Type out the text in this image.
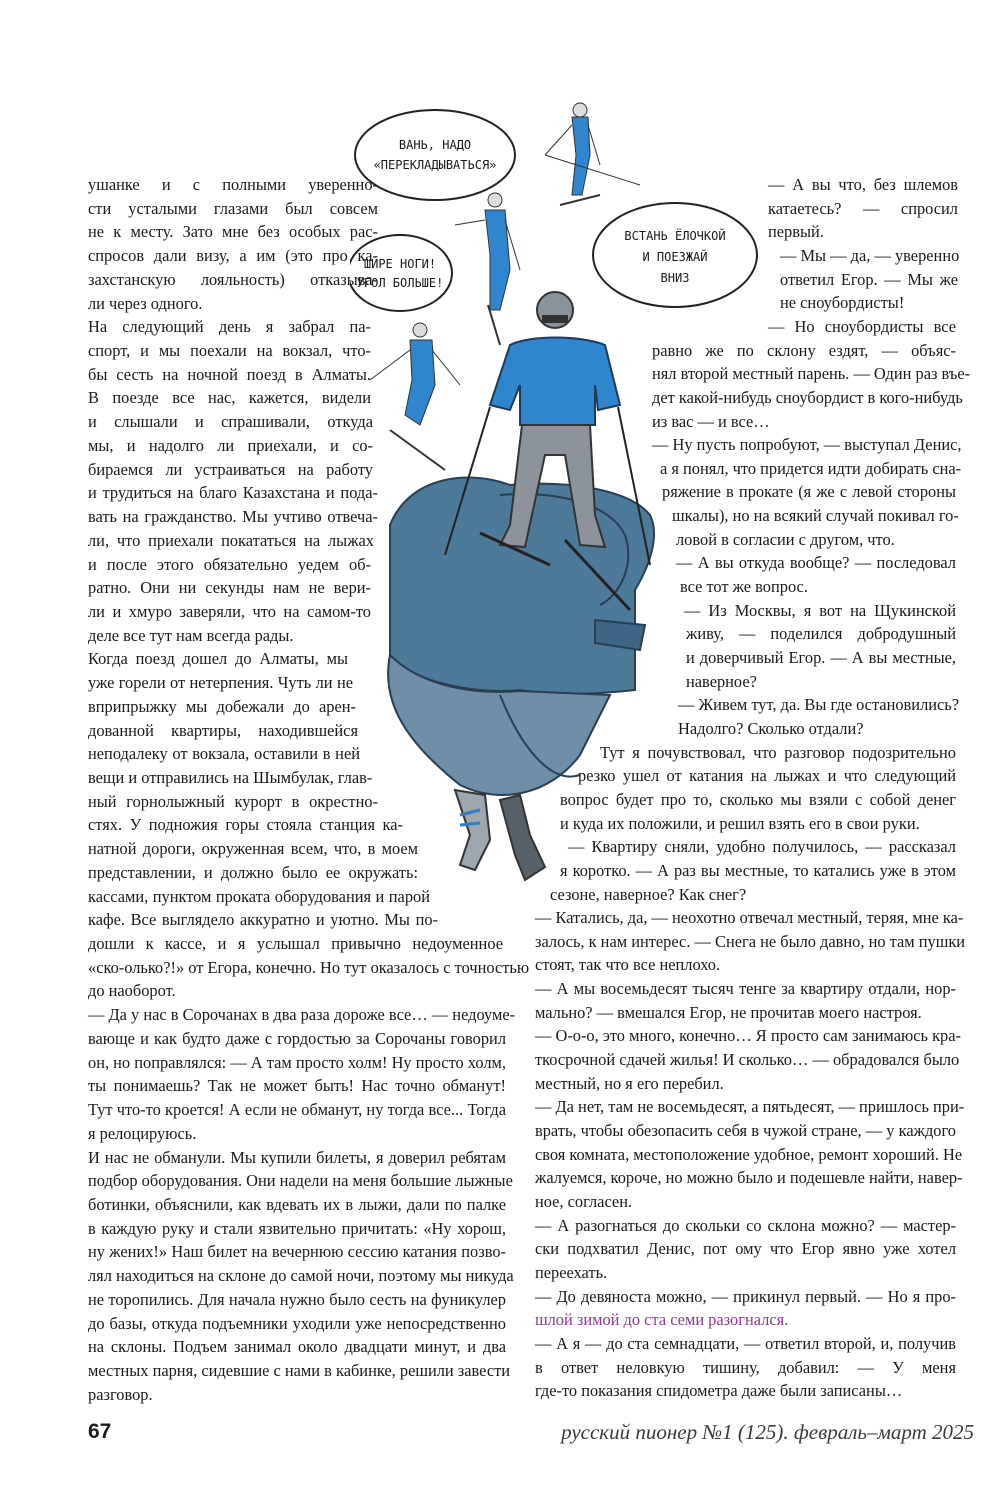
ВАНЬ, НАДО
«ПЕРЕКЛАДЫВАТЬСЯ»
ШИРЕ НОГИ!
УГОЛ БОЛЬШЕ!
ВСТАНЬ ЁЛОЧКОЙ
И ПОЕЗЖАЙ
ВНИЗ
ушанке и с полными уверенно-
сти усталыми глазами был совсем
не к месту. Зато мне без особых рас-
спросов дали визу, а им (это про ка-
захстанскую лояльность) отказыва-
ли через одного.
На следующий день я забрал па-
спорт, и мы поехали на вокзал, что-
бы сесть на ночной поезд в Алматы.
В поезде все нас, кажется, видели
и слышали и спрашивали, откуда
мы, и надолго ли приехали, и со-
бираемся ли устраиваться на работу
и трудиться на благо Казахстана и пода-
вать на гражданство. Мы учтиво отвеча-
ли, что приехали покататься на лыжах
и после этого обязательно уедем об-
ратно. Они ни секунды нам не вери-
ли и хмуро заверяли, что на самом-то
деле все тут нам всегда рады.
Когда поезд дошел до Алматы, мы
уже горели от нетерпения. Чуть ли не
вприпрыжку мы добежали до арен-
дованной квартиры, находившейся
неподалеку от вокзала, оставили в ней
вещи и отправились на Шымбулак, глав-
ный горнолыжный курорт в окрестно-
стях. У подножия горы стояла станция ка-
натной дороги, окруженная всем, что, в моем
представлении, и должно было ее окружать:
кассами, пунктом проката оборудования и парой
кафе. Все выглядело аккуратно и уютно. Мы по-
дошли к кассе, и я услышал привычно недоуменное
«ско-олько?!» от Егора, конечно. Но тут оказалось с точностью
до наоборот.
— Да у нас в Сорочанах в два раза дороже все… — недоуме-
вающе и как будто даже с гордостью за Сорочаны говорил
он, но поправлялся: — А там просто холм! Ну просто холм,
ты понимаешь? Так не может быть! Нас точно обманут!
Тут что-то кроется! А если не обманут, ну тогда все... Тогда
я релоцируюсь.
И нас не обманули. Мы купили билеты, я доверил ребятам
подбор оборудования. Они надели на меня большие лыжные
ботинки, объяснили, как вдевать их в лыжи, дали по палке
в каждую руку и стали язвительно причитать: «Ну хорош,
ну жених!» Наш билет на вечернюю сессию катания позво-
лял находиться на склоне до самой ночи, поэтому мы никуда
не торопились. Для начала нужно было сесть на фуникулер
до базы, откуда подъемники уходили уже непосредственно
на склоны. Подъем занимал около двадцати минут, и два
местных парня, сидевшие с нами в кабинке, решили завести
разговор.
— А вы что, без шлемов
катаетесь? — спросил
первый.
— Мы — да, — уверенно
ответил Егор. — Мы же
не сноубордисты!
— Но сноубордисты все
равно же по склону ездят, — объяс-
нял второй местный парень. — Один раз въе-
дет какой-нибудь сноубордист в кого-нибудь
из вас — и все…
— Ну пусть попробуют, — выступал Денис,
а я понял, что придется идти добирать сна-
ряжение в прокате (я же с левой стороны
шкалы), но на всякий случай покивал го-
ловой в согласии с другом, что.
— А вы откуда вообще? — последовал
все тот же вопрос.
— Из Москвы, я вот на Щукинской
живу, — поделился добродушный
и доверчивый Егор. — А вы местные,
наверное?
— Живем тут, да. Вы где остановились?
Надолго? Сколько отдали?
Тут я почувствовал, что разговор подозрительно
резко ушел от катания на лыжах и что следующий
вопрос будет про то, сколько мы взяли с собой денег
и куда их положили, и решил взять его в свои руки.
— Квартиру сняли, удобно получилось, — рассказал
я коротко. — А раз вы местные, то катались уже в этом
сезоне, наверное? Как снег?
— Катались, да, — неохотно отвечал местный, теряя, мне ка-
залось, к нам интерес. — Снега не было давно, но там пушки
стоят, так что все неплохо.
— А мы восемьдесят тысяч тенге за квартиру отдали, нор-
мально? — вмешался Егор, не прочитав моего настроя.
— О-о-о, это много, конечно… Я просто сам занимаюсь кра-
ткосрочной сдачей жилья! И сколько… — обрадовался было
местный, но я его перебил.
— Да нет, там не восемьдесят, а пятьдесят, — пришлось при-
врать, чтобы обезопасить себя в чужой стране, — у каждого
своя комната, местоположение удобное, ремонт хороший. Не
жалуемся, короче, но можно было и подешевле найти, навер-
ное, согласен.
— А разогнаться до скольки со склона можно? — мастер-
ски подхватил Денис, пот ому что Егор явно уже хотел
переехать.
— До девяноста можно, — прикинул первый. — Но я про-
шлой зимой до ста семи разогнался.
— А я — до ста семнадцати, — ответил второй, и, получив
в ответ неловкую тишину, добавил: — У меня
где-то показания спидометра даже были записаны…
67	русский пионер №1 (125). февраль–март 2025
